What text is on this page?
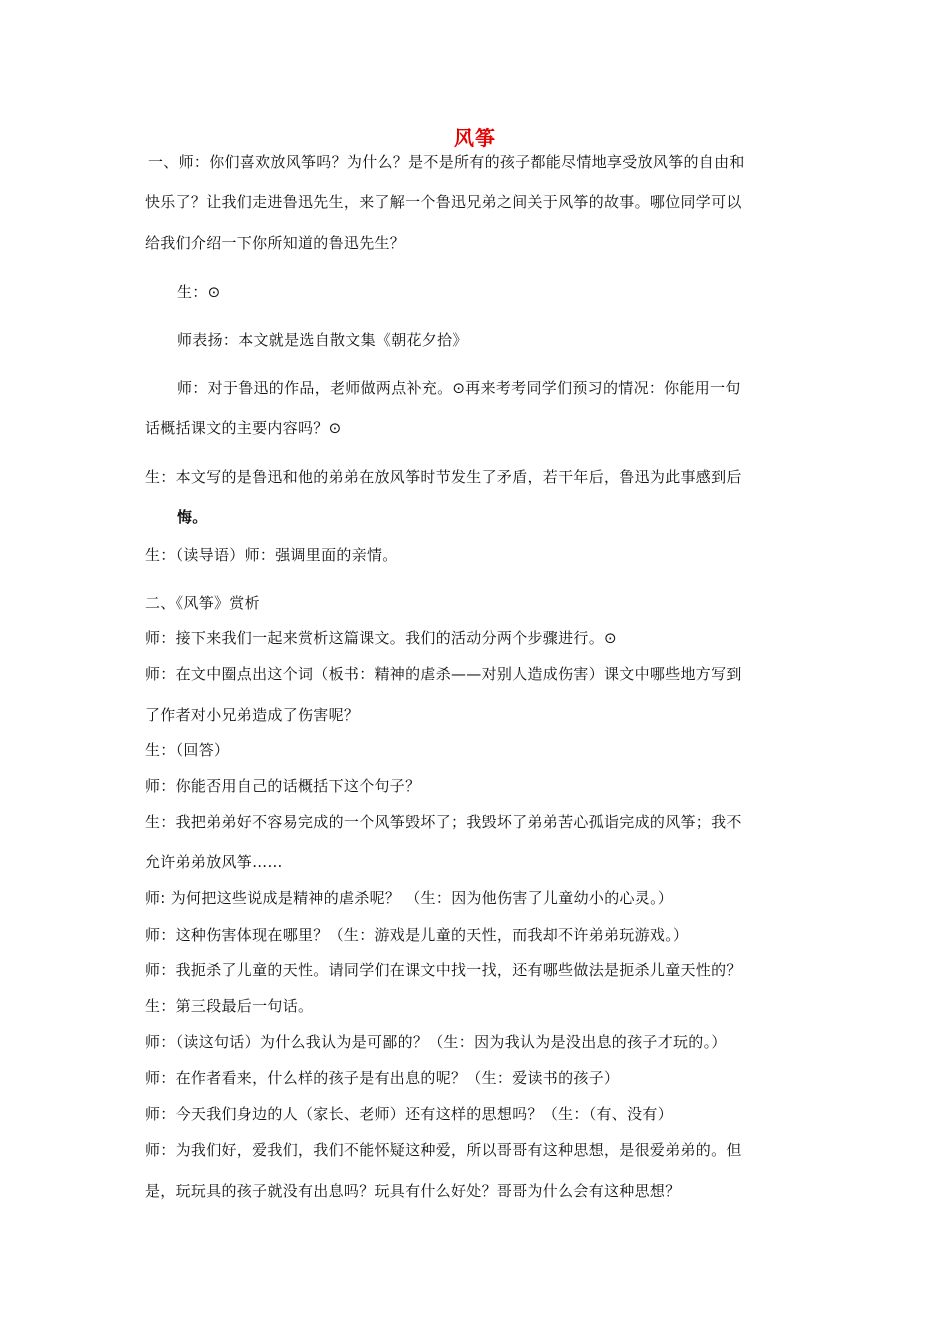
风筝
一、师：你们喜欢放风筝吗？为什么？是不是所有的孩子都能尽情地享受放风筝的自由和
快乐了？让我们走进鲁迅先生，来了解一个鲁迅兄弟之间关于风筝的故事。哪位同学可以
给我们介绍一下你所知道的鲁迅先生？
生：⊙
师表扬：本文就是选自散文集《朝花夕拾》
师：对于鲁迅的作品，老师做两点补充。⊙再来考考同学们预习的情况：你能用一句
话概括课文的主要内容吗？⊙
生：本文写的是鲁迅和他的弟弟在放风筝时节发生了矛盾，若干年后，鲁迅为此事感到后
悔。
生：（读导语）师：强调里面的亲情。
二、《风筝》赏析
师：接下来我们一起来赏析这篇课文。我们的活动分两个步骤进行。⊙
师：在文中圈点出这个词（板书：精神的虐杀——对别人造成伤害）课文中哪些地方写到
了作者对小兄弟造成了伤害呢？
生：（回答）
师：你能否用自己的话概括下这个句子？
生：我把弟弟好不容易完成的一个风筝毁坏了；我毁坏了弟弟苦心孤诣完成的风筝；我不
允许弟弟放风筝……
师: 为何把这些说成是精神的虐杀呢？ （生：因为他伤害了儿童幼小的心灵。）
师：这种伤害体现在哪里？（生：游戏是儿童的天性，而我却不许弟弟玩游戏。）
师：我扼杀了儿童的天性。请同学们在课文中找一找，还有哪些做法是扼杀儿童天性的？
生：第三段最后一句话。
师：（读这句话）为什么我认为是可鄙的？（生：因为我认为是没出息的孩子才玩的。）
师：在作者看来，什么样的孩子是有出息的呢？（生：爱读书的孩子）
师：今天我们身边的人（家长、老师）还有这样的思想吗？（生：（有、没有）
师：为我们好，爱我们，我们不能怀疑这种爱，所以哥哥有这种思想，是很爱弟弟的。但
是，玩玩具的孩子就没有出息吗？玩具有什么好处？哥哥为什么会有这种思想？
